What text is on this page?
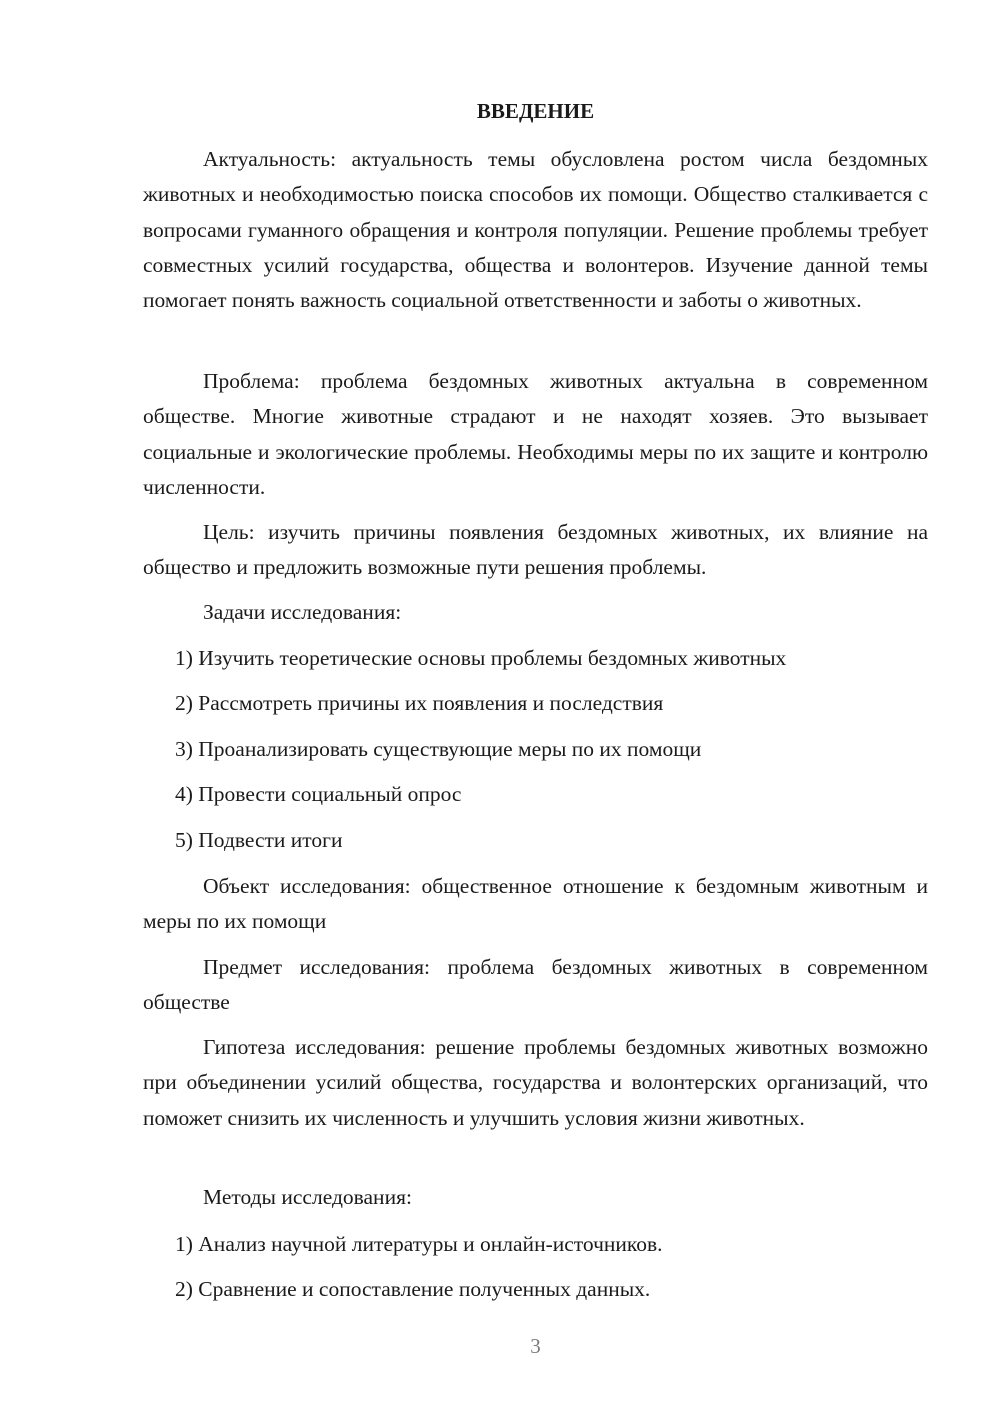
ВВЕДЕНИЕ

Актуальность: актуальность темы обусловлена ростом числа бездомных животных и необходимостью поиска способов их помощи. Общество сталкивается с вопросами гуманного обращения и контроля популяции. Решение проблемы требует совместных усилий государства, общества и волонтеров. Изучение данной темы помогает понять важность социальной ответственности и заботы о животных.

Проблема: проблема бездомных животных актуальна в современном обществе. Многие животные страдают и не находят хозяев. Это вызывает социальные и экологические проблемы. Необходимы меры по их защите и контролю численности.

Цель: изучить причины появления бездомных животных, их влияние на общество и предложить возможные пути решения проблемы.

Задачи исследования:

1) Изучить теоретические основы проблемы бездомных животных

2) Рассмотреть причины их появления и последствия

3) Проанализировать существующие меры по их помощи

4) Провести социальный опрос

5) Подвести итоги

Объект исследования: общественное отношение к бездомным животным и меры по их помощи

Предмет исследования: проблема бездомных животных в современном обществе

Гипотеза исследования: решение проблемы бездомных животных возможно при объединении усилий общества, государства и волонтерских организаций, что поможет снизить их численность и улучшить условия жизни животных.

Методы исследования:

1) Анализ научной литературы и онлайн-источников.

2) Сравнение и сопоставление полученных данных.

3
